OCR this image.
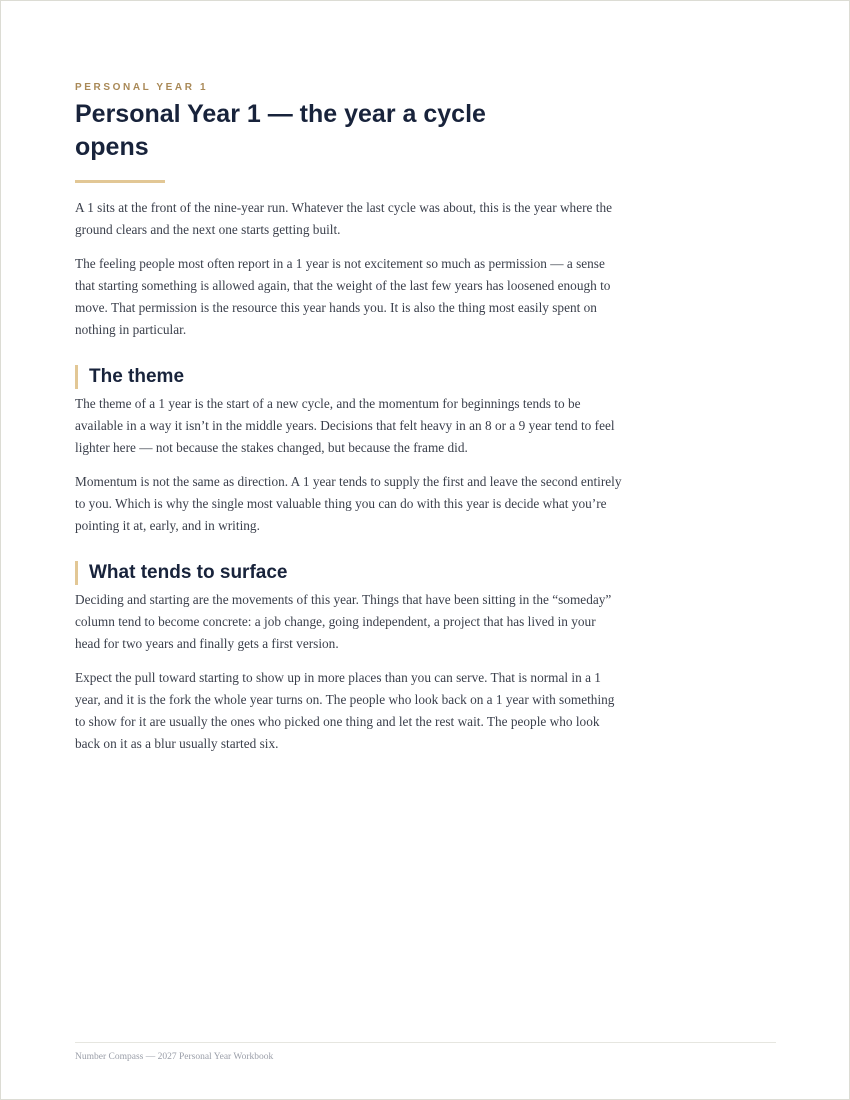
PERSONAL YEAR 1
Personal Year 1 — the year a cycle opens

A 1 sits at the front of the nine-year run. Whatever the last cycle was about, this is the year where the ground clears and the next one starts getting built.

The feeling people most often report in a 1 year is not excitement so much as permission — a sense that starting something is allowed again, that the weight of the last few years has loosened enough to move. That permission is the resource this year hands you. It is also the thing most easily spent on nothing in particular.

The theme

The theme of a 1 year is the start of a new cycle, and the momentum for beginnings tends to be available in a way it isn’t in the middle years. Decisions that felt heavy in an 8 or a 9 year tend to feel lighter here — not because the stakes changed, but because the frame did.

Momentum is not the same as direction. A 1 year tends to supply the first and leave the second entirely to you. Which is why the single most valuable thing you can do with this year is decide what you’re pointing it at, early, and in writing.

What tends to surface

Deciding and starting are the movements of this year. Things that have been sitting in the “someday” column tend to become concrete: a job change, going independent, a project that has lived in your head for two years and finally gets a first version.

Expect the pull toward starting to show up in more places than you can serve. That is normal in a 1 year, and it is the fork the whole year turns on. The people who look back on a 1 year with something to show for it are usually the ones who picked one thing and let the rest wait. The people who look back on it as a blur usually started six.

Number Compass — 2027 Personal Year Workbook
